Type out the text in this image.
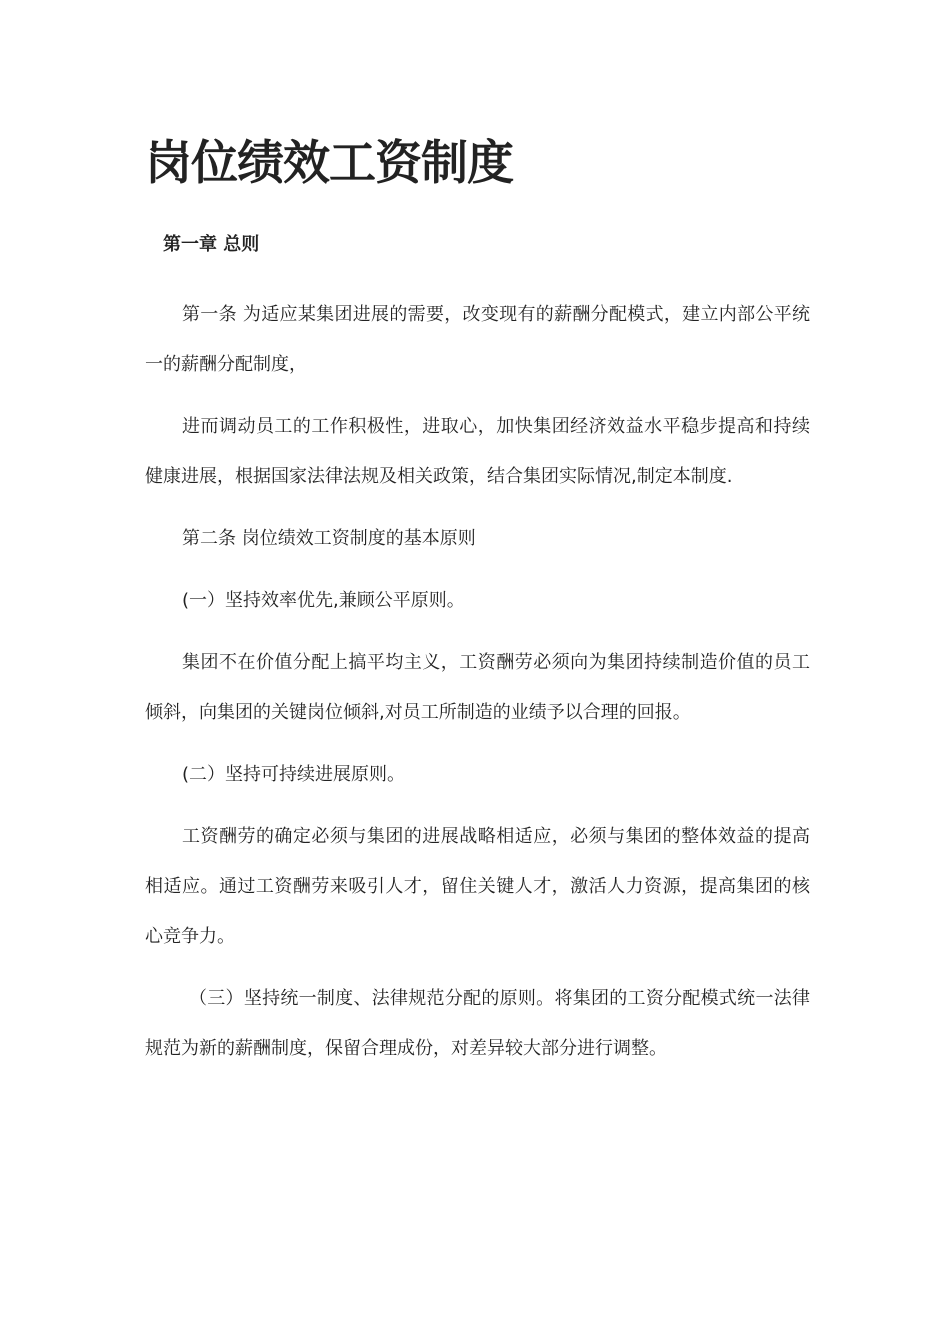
岗位绩效工资制度
第一章 总则

第一条 为适应某集团进展的需要，改变现有的薪酬分配模式，建立内部公平统一的薪酬分配制度，

进而调动员工的工作积极性，进取心，加快集团经济效益水平稳步提高和持续健康进展，根据国家法律法规及相关政策，结合集团实际情况,制定本制度.

第二条 岗位绩效工资制度的基本原则

(一）坚持效率优先,兼顾公平原则。

集团不在价值分配上搞平均主义，工资酬劳必须向为集团持续制造价值的员工倾斜，向集团的关键岗位倾斜,对员工所制造的业绩予以合理的回报。

(二）坚持可持续进展原则。

工资酬劳的确定必须与集团的进展战略相适应，必须与集团的整体效益的提高相适应。通过工资酬劳来吸引人才，留住关键人才，激活人力资源，提高集团的核心竞争力。

（三）坚持统一制度、法律规范分配的原则。将集团的工资分配模式统一法律规范为新的薪酬制度，保留合理成份，对差异较大部分进行调整。
